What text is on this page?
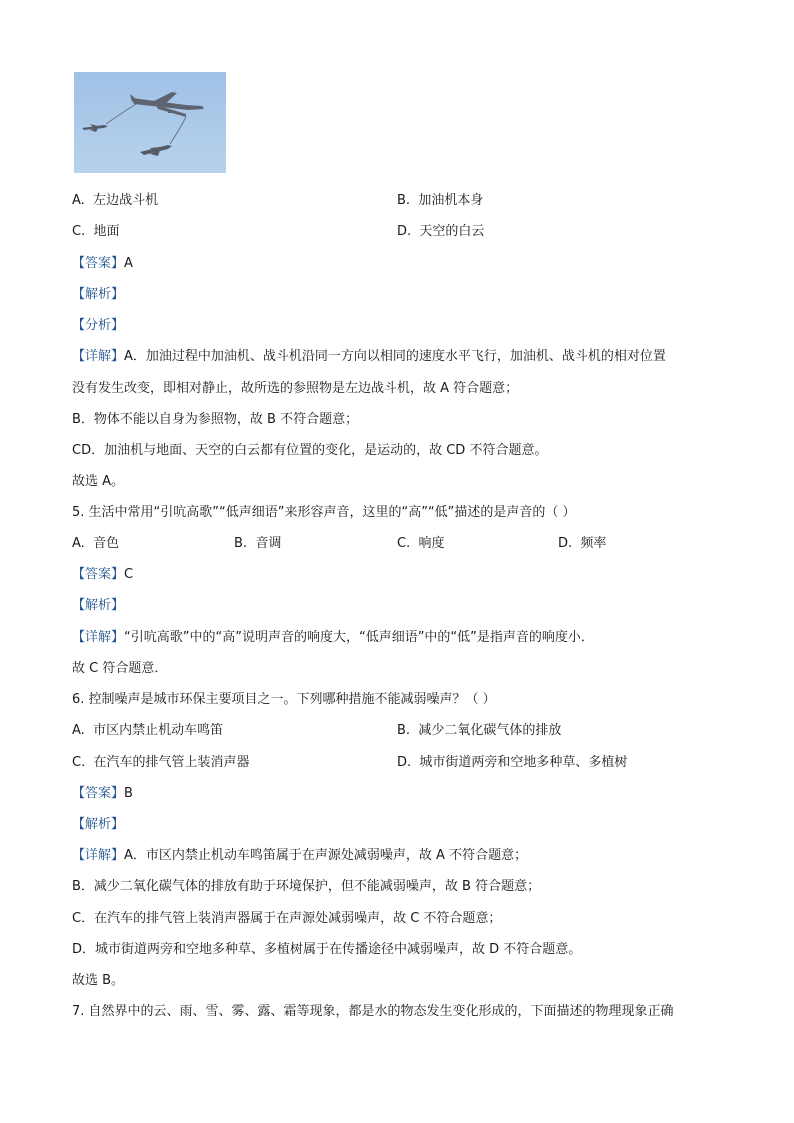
A. 左边战斗机	B. 加油机本身
C. 地面	D. 天空的白云
【答案】A
【解析】
【分析】
【详解】A．加油过程中加油机、战斗机沿同一方向以相同的速度水平飞行，加油机、战斗机的相对位置
没有发生改变，即相对静止，故所选的参照物是左边战斗机，故 A 符合题意；
B．物体不能以自身为参照物，故 B 不符合题意；
CD．加油机与地面、天空的白云都有位置的变化，是运动的，故 CD 不符合题意。
故选 A。
5. 生活中常用“引吭高歌”“低声细语”来形容声音，这里的“高”“低”描述的是声音的（ ）
A. 音色	B. 音调	C. 响度	D. 频率
【答案】C
【解析】
【详解】“引吭高歌”中的“高”说明声音的响度大，“低声细语”中的“低”是指声音的响度小．
故 C 符合题意．
6. 控制噪声是城市环保主要项目之一。下列哪种措施不能减弱噪声？（ ）
A. 市区内禁止机动车鸣笛	B. 减少二氧化碳气体的排放
C. 在汽车的排气管上装消声器	D. 城市街道两旁和空地多种草、多植树
【答案】B
【解析】
【详解】A．市区内禁止机动车鸣笛属于在声源处减弱噪声，故 A 不符合题意；
B．减少二氧化碳气体的排放有助于环境保护，但不能减弱噪声，故 B 符合题意；
C．在汽车的排气管上装消声器属于在声源处减弱噪声，故 C 不符合题意；
D．城市街道两旁和空地多种草、多植树属于在传播途径中减弱噪声，故 D 不符合题意。
故选 B。
7. 自然界中的云、雨、雪、雾、露、霜等现象，都是水的物态发生变化形成的，下面描述的物理现象正确
